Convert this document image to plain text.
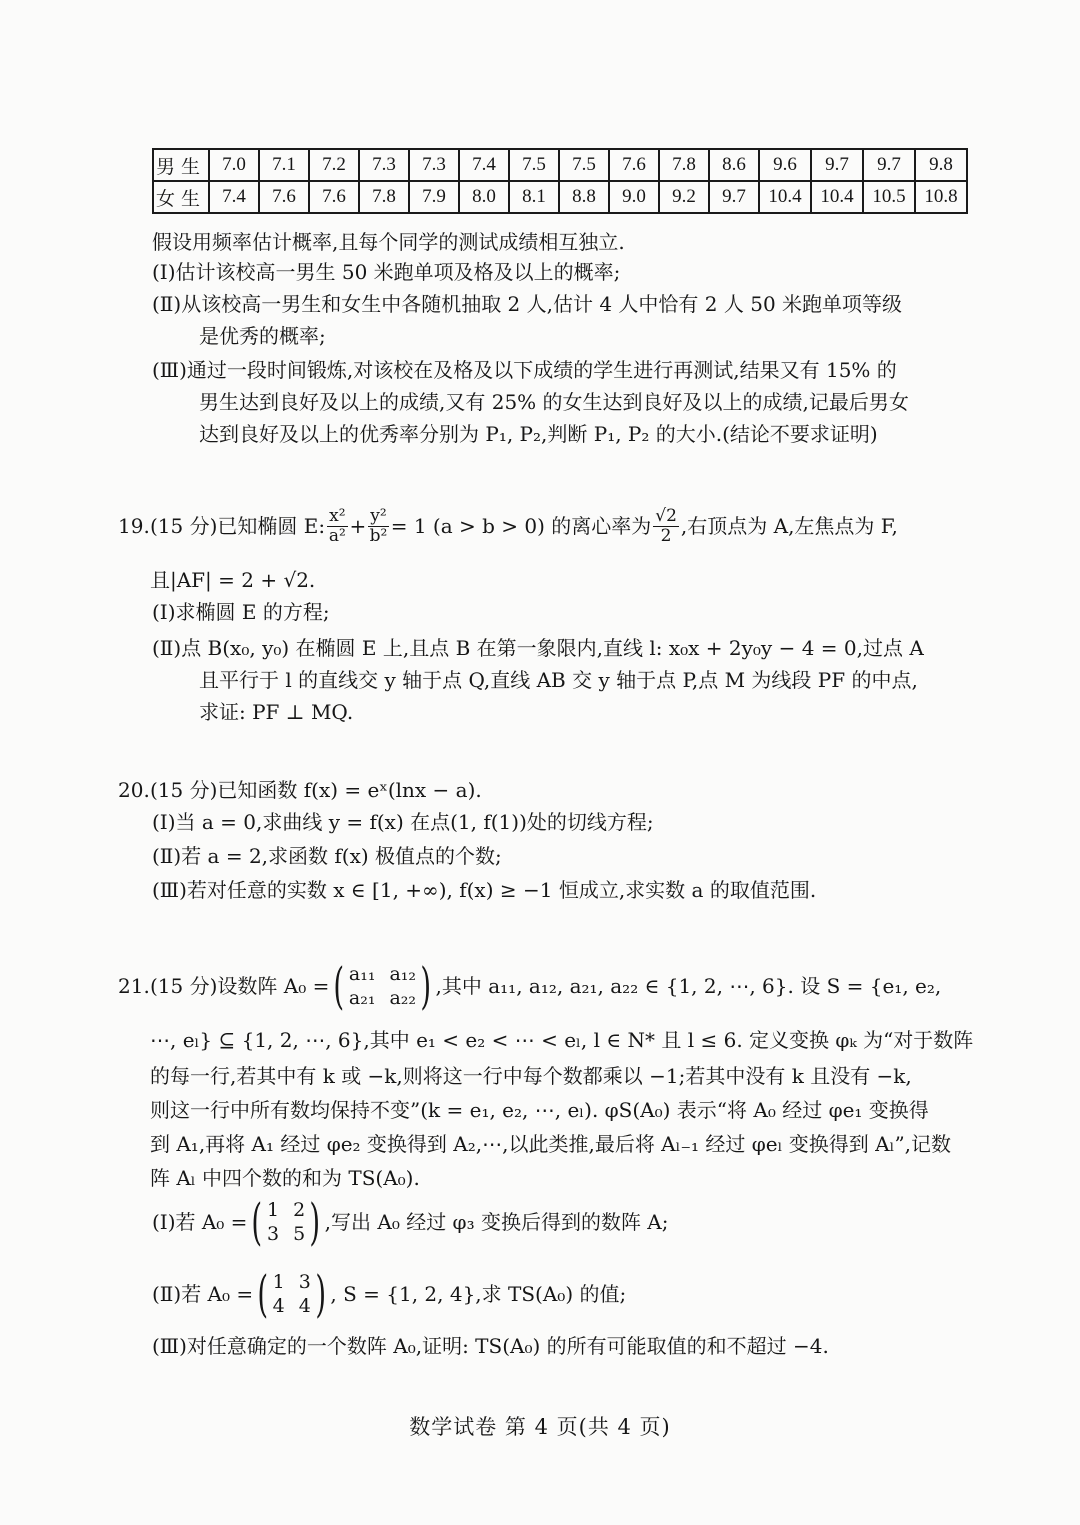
男生	7.0	7.1	7.2	7.3	7.3	7.4	7.5	7.5	7.6	7.8	8.6	9.6	9.7	9.7	9.8
女生	7.4	7.6	7.6	7.8	7.9	8.0	8.1	8.8	9.0	9.2	9.7	10.4	10.4	10.5	10.8
假设用频率估计概率,且每个同学的测试成绩相互独立.
(Ⅰ)估计该校高一男生 50 米跑单项及格及以上的概率;
(Ⅱ)从该校高一男生和女生中各随机抽取 2 人,估计 4 人中恰有 2 人 50 米跑单项等级
是优秀的概率;
(Ⅲ)通过一段时间锻炼,对该校在及格及以下成绩的学生进行再测试,结果又有 15% 的
男生达到良好及以上的成绩,又有 25% 的女生达到良好及以上的成绩,记最后男女
达到良好及以上的优秀率分别为 P₁, P₂,判断 P₁, P₂ 的大小.(结论不要求证明)
19. (15 分)已知椭圆 E: $\frac{\text{x²}}{\text{a²}} + \frac{\text{y²}}{\text{b²}} = 1$ (a > b > 0) 的离心率为 $\frac{√2}{2}$ ,右顶点为 A,左焦点为 F,
且|AF| = 2 + √2.
(Ⅰ)求椭圆 E 的方程;
(Ⅱ)点 B(x₀, y₀) 在椭圆 E 上,且点 B 在第一象限内,直线 l: x₀x + 2y₀y − 4 = 0,过点 A
且平行于 l 的直线交 y 轴于点 Q,直线 AB 交 y 轴于点 P,点 M 为线段 PF 的中点,
求证: PF ⊥ MQ.
20. (15 分)已知函数 f(x) = eˣ(lnx − a).
(Ⅰ)当 a = 0,求曲线 y = f(x) 在点(1, f(1))处的切线方程;
(Ⅱ)若 a = 2,求函数 f(x) 极值点的个数;
(Ⅲ)若对任意的实数 x ∈ [1, +∞), f(x) ≥ −1 恒成立,求实数 a 的取值范围.
21. (15 分)设数阵 A₀ = ( a₁₁ a₁₂
a₂₁ a₂₂ ) ,其中 a₁₁, a₁₂, a₂₁, a₂₂ ∈ {1, 2, ⋯, 6}. 设 S = {e₁, e₂,
⋯, eₗ} ⊆ {1, 2, ⋯, 6},其中 e₁ < e₂ < ⋯ < eₗ, l ∈ N* 且 l ≤ 6. 定义变换 φₖ 为“对于数阵
的每一行,若其中有 k 或 −k,则将这一行中每个数都乘以 −1;若其中没有 k 且没有 −k,
则这一行中所有数均保持不变”(k = e₁, e₂, ⋯, eₗ). φS(A₀) 表示“将 A₀ 经过 φe₁ 变换得
到 A₁,再将 A₁ 经过 φe₂ 变换得到 A₂,⋯,以此类推,最后将 Aₗ₋₁ 经过 φeₗ 变换得到 Aₗ”,记数
阵 Aₗ 中四个数的和为 TS(A₀).
(Ⅰ)若 A₀ = ( 1 2
3 5 ) ,写出 A₀ 经过 φ₃ 变换后得到的数阵 A;
(Ⅱ)若 A₀ = ( 1 3
4 4 ) , S = {1, 2, 4},求 TS(A₀) 的值;
(Ⅲ)对任意确定的一个数阵 A₀,证明: TS(A₀) 的所有可能取值的和不超过 −4.
数学试卷 第 4 页(共 4 页)
